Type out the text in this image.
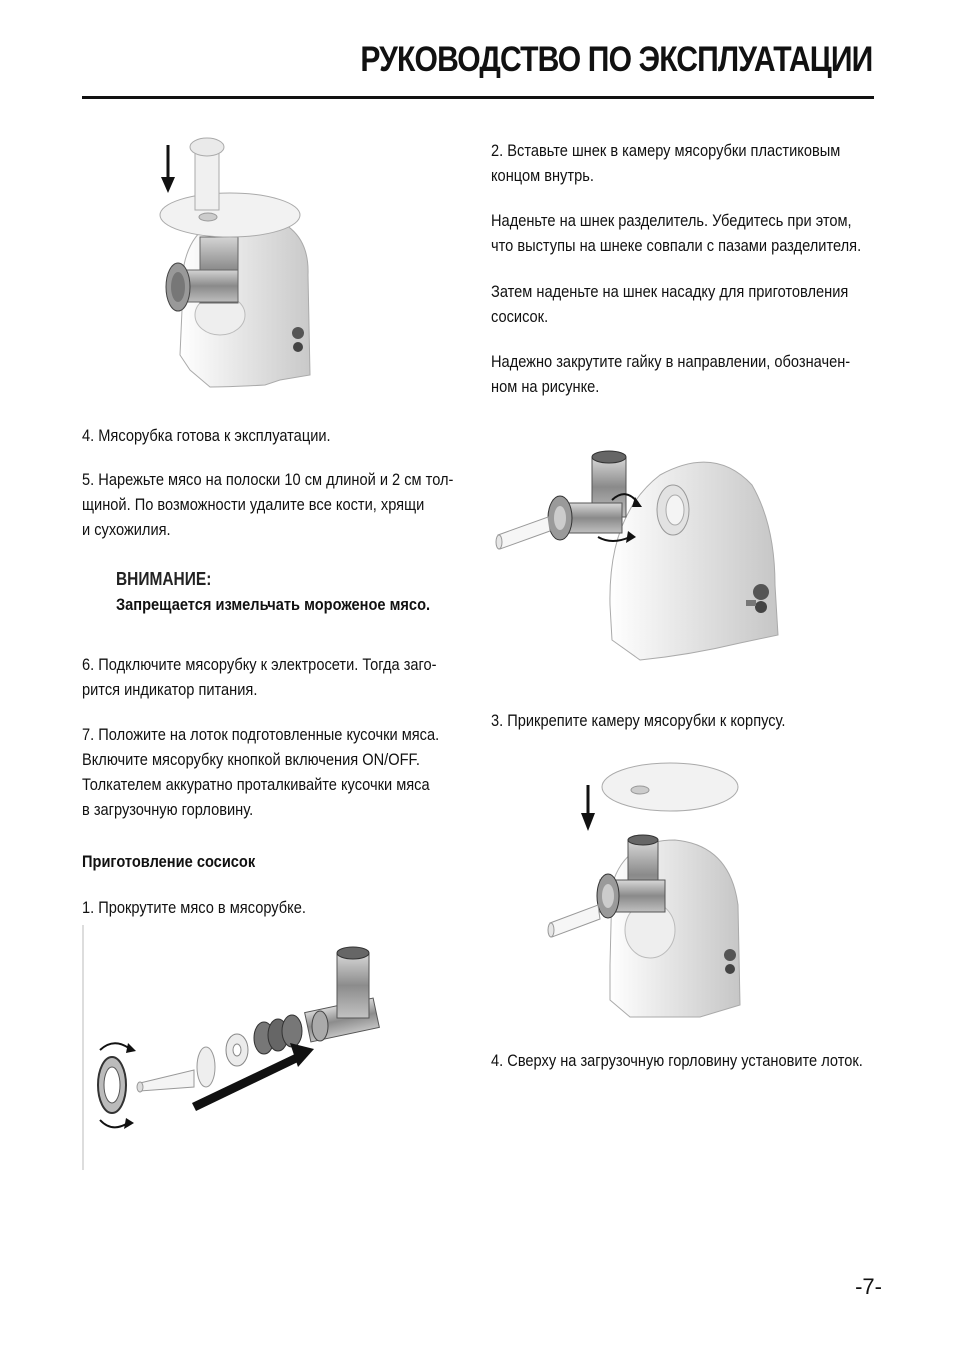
РУКОВОДСТВО ПО ЭКСПЛУАТАЦИИ
4. Мясорубка готова к эксплуатации.
5. Нарежьте мясо на полоски 10 см длиной и 2 см тол-
щиной. По возможности удалите все кости, хрящи
и сухожилия.
ВНИМАНИЕ:
Запрещается измельчать мороженое мясо.
6. Подключите мясорубку к электросети. Тогда заго-
рится индикатор питания.
7. Положите на лоток подготовленные кусочки мяса.
Включите мясорубку кнопкой включения ON/OFF.
Толкателем аккуратно проталкивайте кусочки мяса
в загрузочную горловину.
Приготовление сосисок
1. Прокрутите мясо в мясорубке.
2. Вставьте шнек в камеру мясорубки пластиковым
концом внутрь.
Наденьте на шнек разделитель. Убедитесь при этом,
что выступы на шнеке совпали с пазами разделителя.
Затем наденьте на шнек насадку для приготовления
сосисок.
Надежно закрутите гайку в направлении, обозначен-
ном на рисунке.
3. Прикрепите камеру мясорубки к корпусу.
4. Сверху на загрузочную горловину установите лоток.
-7-
